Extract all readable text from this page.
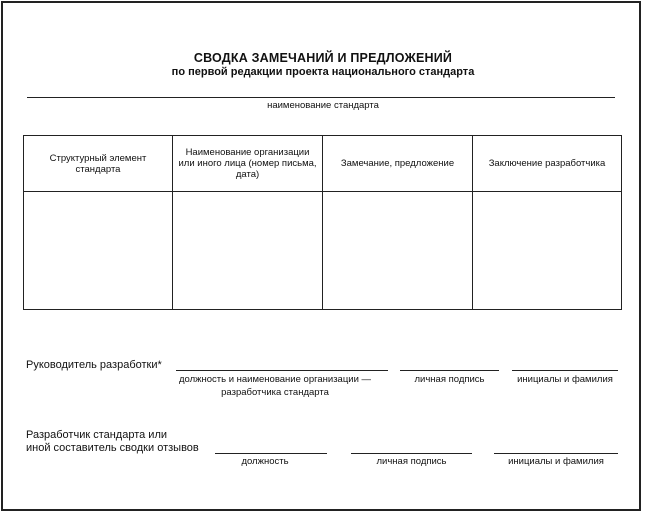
СВОДКА ЗАМЕЧАНИЙ И ПРЕДЛОЖЕНИЙ
по первой редакции проекта национального стандарта
наименование стандарта
Структурный элемент стандарта	Наименование организации или иного лица (номер письма, дата)	Замечание, предложение	Заключение разработчика

Руководитель разработки*
должность и наименование организации —
разработчика стандарта
личная подпись	инициалы и фамилия
Разработчик стандарта или
иной составитель сводки отзывов
должность	личная подпись	инициалы и фамилия
